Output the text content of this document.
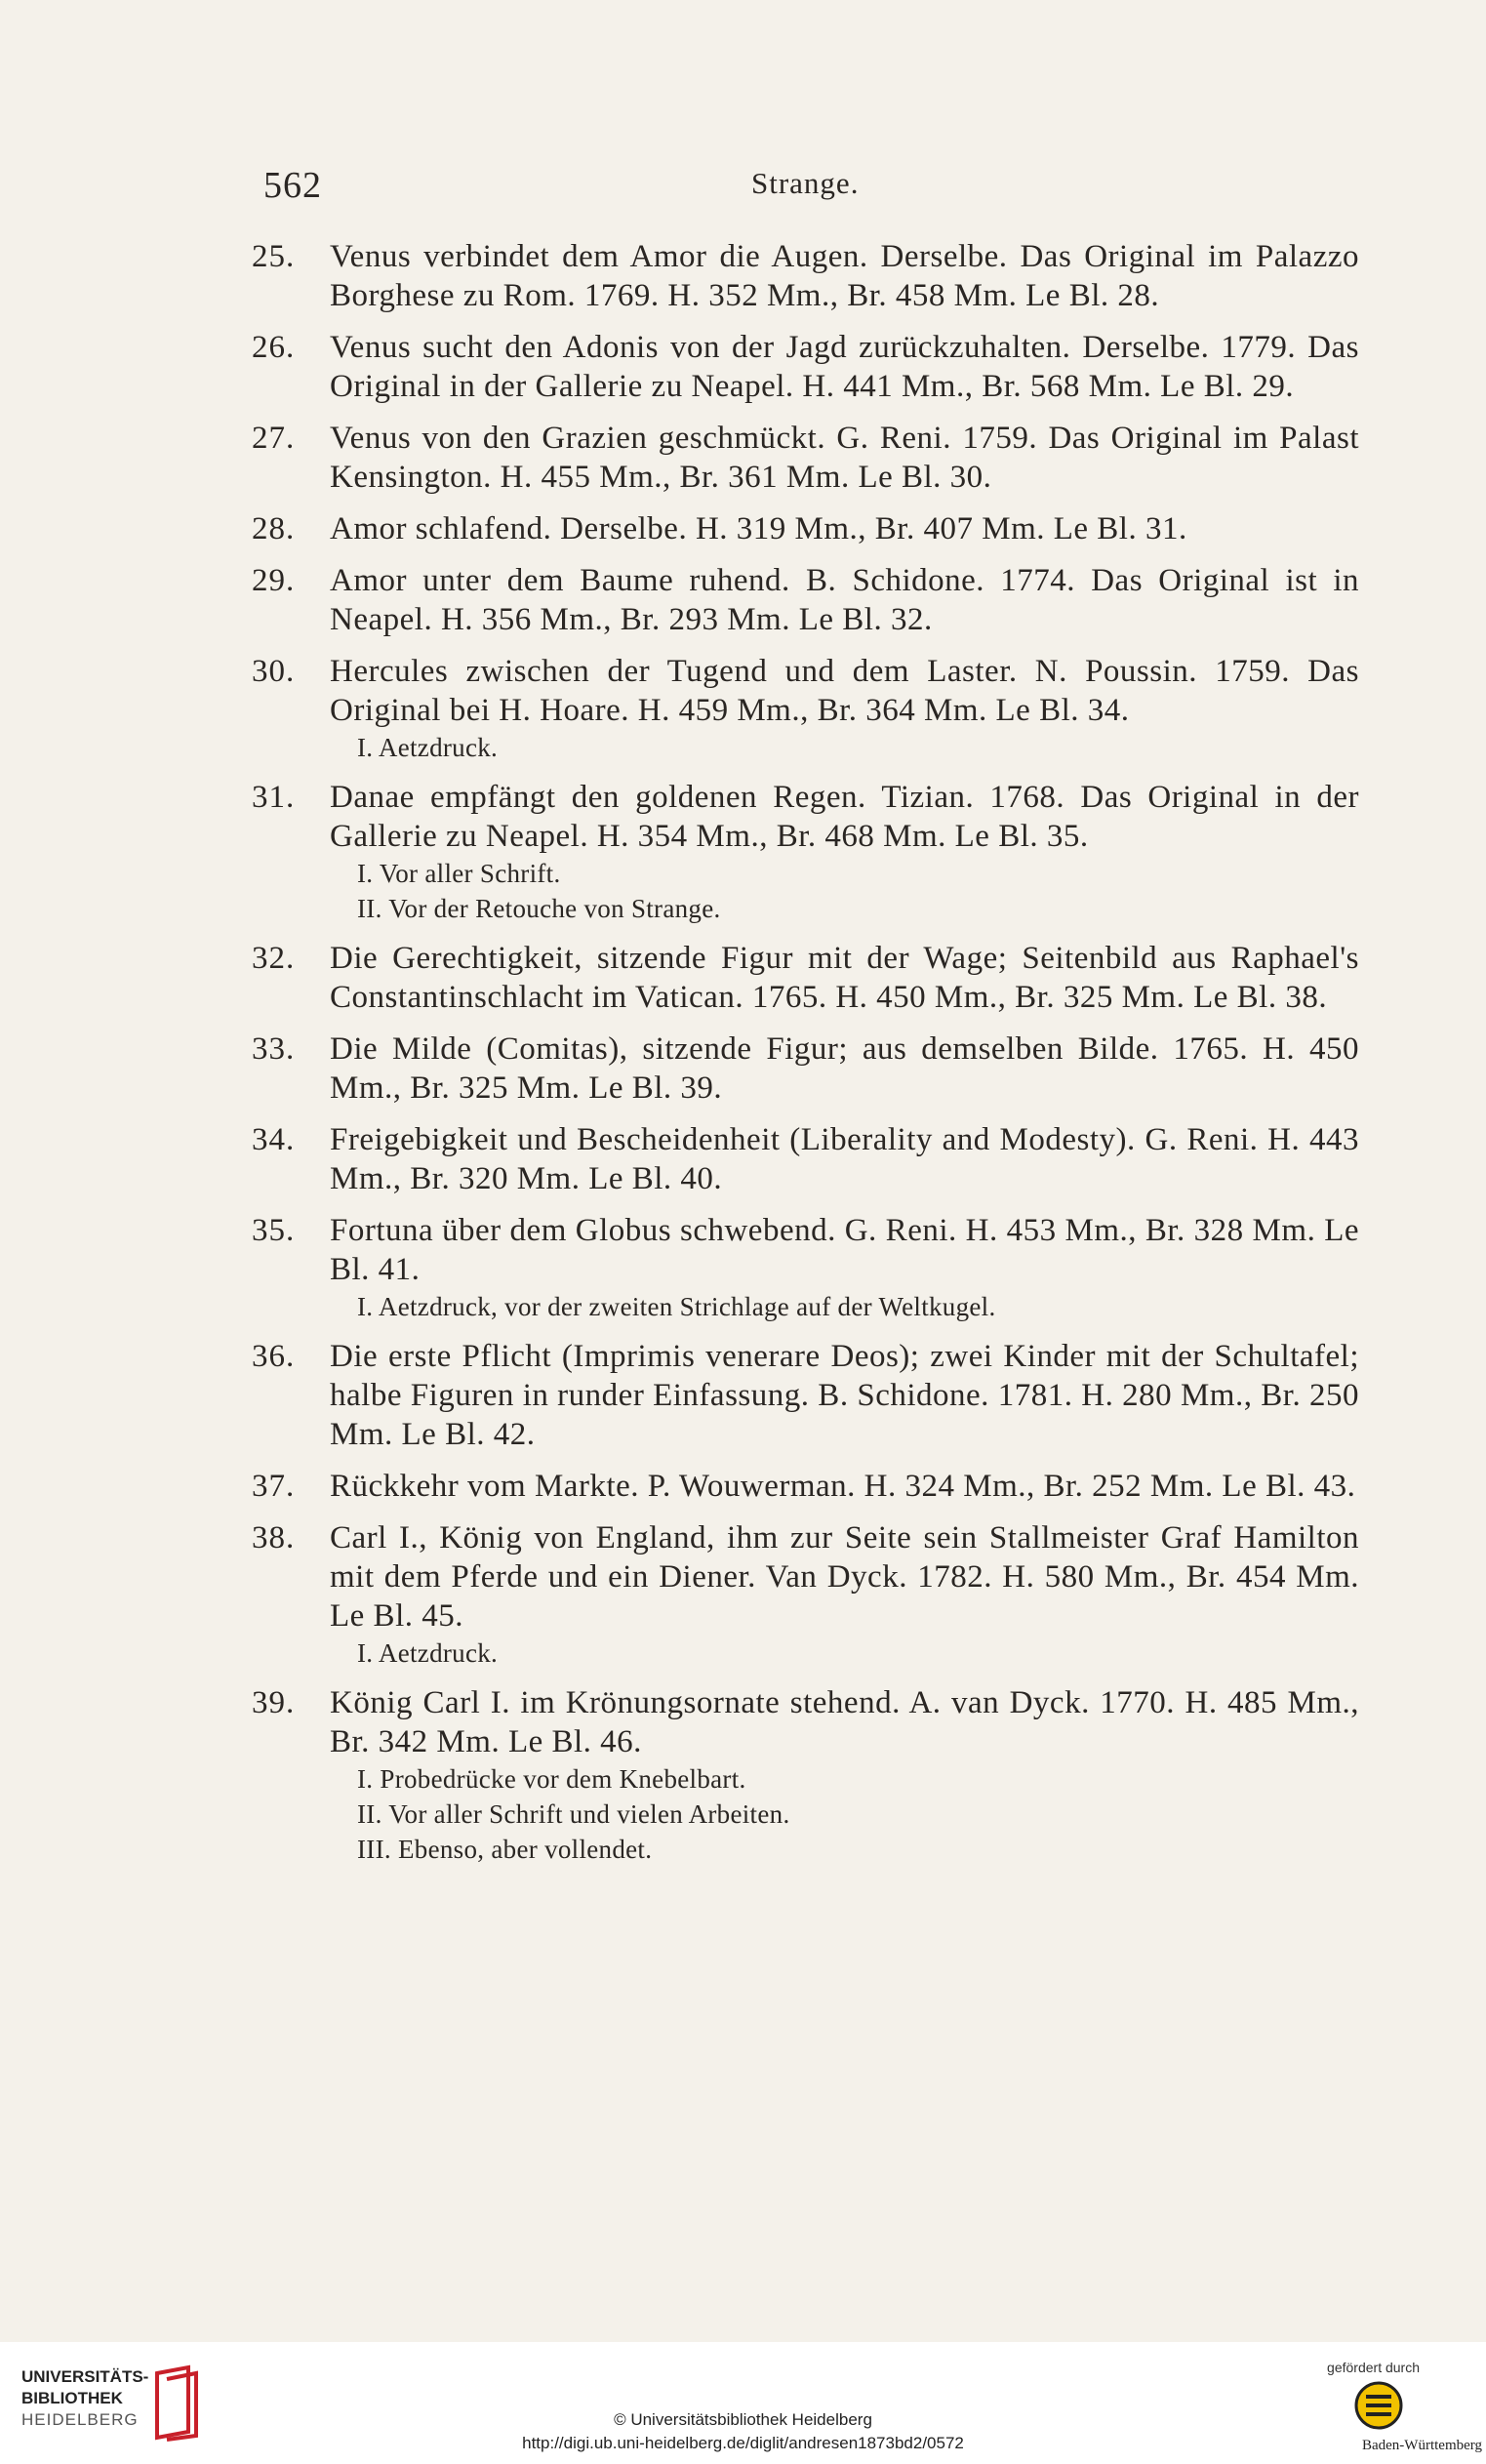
562	Strange.
25.	Venus verbindet dem Amor die Augen. Derselbe. Das Original im Palazzo Borghese zu Rom. 1769. H. 352 Mm., Br. 458 Mm. Le Bl. 28.
26.	Venus sucht den Adonis von der Jagd zurückzuhalten. Derselbe. 1779. Das Original in der Gallerie zu Neapel. H. 441 Mm., Br. 568 Mm. Le Bl. 29.
27.	Venus von den Grazien geschmückt. G. Reni. 1759. Das Original im Palast Kensington. H. 455 Mm., Br. 361 Mm. Le Bl. 30.
28.	Amor schlafend. Derselbe. H. 319 Mm., Br. 407 Mm. Le Bl. 31.
29.	Amor unter dem Baume ruhend. B. Schidone. 1774. Das Original ist in Neapel. H. 356 Mm., Br. 293 Mm. Le Bl. 32.
30.	Hercules zwischen der Tugend und dem Laster. N. Poussin. 1759. Das Original bei H. Hoare. H. 459 Mm., Br. 364 Mm. Le Bl. 34.
I. Aetzdruck.
31.	Danae empfängt den goldenen Regen. Tizian. 1768. Das Original in der Gallerie zu Neapel. H. 354 Mm., Br. 468 Mm. Le Bl. 35.
I. Vor aller Schrift.
II. Vor der Retouche von Strange.
32.	Die Gerechtigkeit, sitzende Figur mit der Wage; Seitenbild aus Raphael's Constantinschlacht im Vatican. 1765. H. 450 Mm., Br. 325 Mm. Le Bl. 38.
33.	Die Milde (Comitas), sitzende Figur; aus demselben Bilde. 1765. H. 450 Mm., Br. 325 Mm. Le Bl. 39.
34.	Freigebigkeit und Bescheidenheit (Liberality and Modesty). G. Reni. H. 443 Mm., Br. 320 Mm. Le Bl. 40.
35.	Fortuna über dem Globus schwebend. G. Reni. H. 453 Mm., Br. 328 Mm. Le Bl. 41.
I. Aetzdruck, vor der zweiten Strichlage auf der Weltkugel.
36.	Die erste Pflicht (Imprimis venerare Deos); zwei Kinder mit der Schultafel; halbe Figuren in runder Einfassung. B. Schidone. 1781. H. 280 Mm., Br. 250 Mm. Le Bl. 42.
37.	Rückkehr vom Markte. P. Wouwerman. H. 324 Mm., Br. 252 Mm. Le Bl. 43.
38.	Carl I., König von England, ihm zur Seite sein Stallmeister Graf Hamilton mit dem Pferde und ein Diener. Van Dyck. 1782. H. 580 Mm., Br. 454 Mm. Le Bl. 45.
I. Aetzdruck.
39.	König Carl I. im Krönungsornate stehend. A. van Dyck. 1770. H. 485 Mm., Br. 342 Mm. Le Bl. 46.
I. Probedrücke vor dem Knebelbart.
II. Vor aller Schrift und vielen Arbeiten.
III. Ebenso, aber vollendet.
UNIVERSITÄTS-
BIBLIOTHEK
HEIDELBERG	© Universitätsbibliothek Heidelberg
http://digi.ub.uni-heidelberg.de/diglit/andresen1873bd2/0572
gefördert durch
Baden-Württemberg
